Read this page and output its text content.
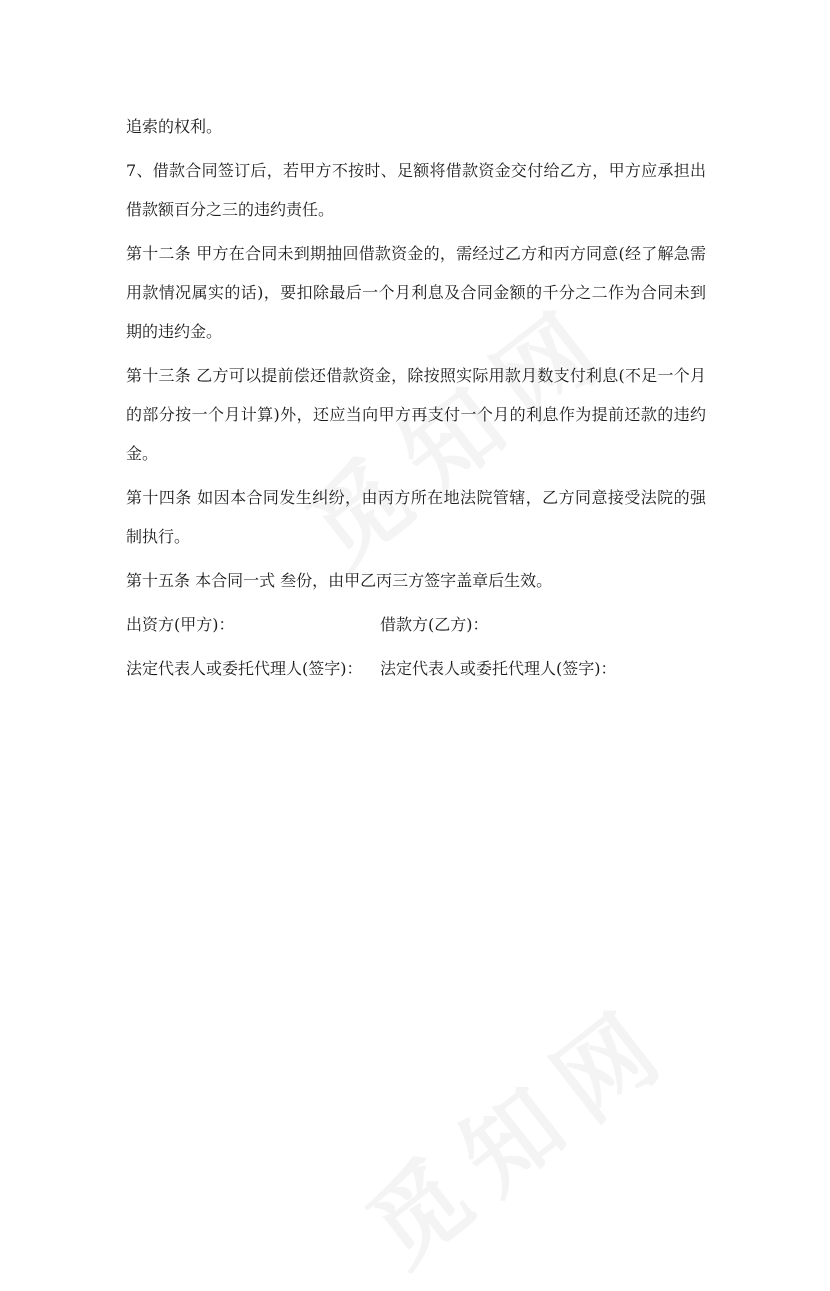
追索的权利。

7、借款合同签订后，若甲方不按时、足额将借款资金交付给乙方，甲方应承担出借款额百分之三的违约责任。

第十二条 甲方在合同未到期抽回借款资金的，需经过乙方和丙方同意(经了解急需用款情况属实的话)，要扣除最后一个月利息及合同金额的千分之二作为合同未到期的违约金。

第十三条 乙方可以提前偿还借款资金，除按照实际用款月数支付利息(不足一个月的部分按一个月计算)外，还应当向甲方再支付一个月的利息作为提前还款的违约金。

第十四条 如因本合同发生纠纷，由丙方所在地法院管辖，乙方同意接受法院的强制执行。

第十五条 本合同一式 叁份，由甲乙丙三方签字盖章后生效。

出资方(甲方)：	借款方(乙方)：
法定代表人或委托代理人(签字)：	法定代表人或委托代理人(签字)：
